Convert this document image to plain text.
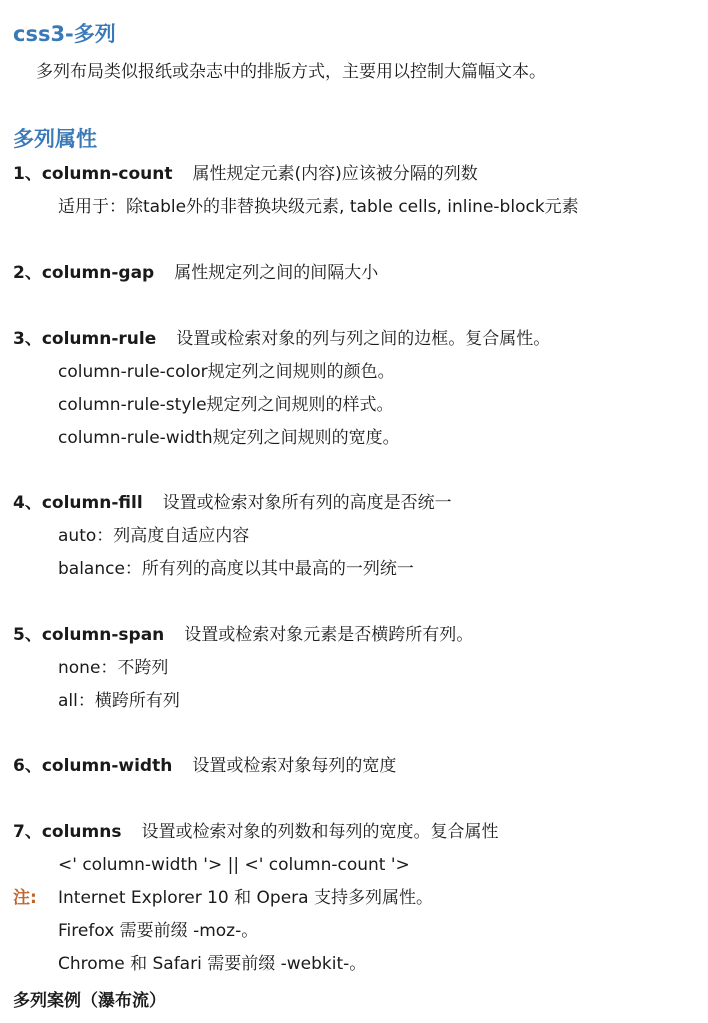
css3-多列
多列布局类似报纸或杂志中的排版方式，主要用以控制大篇幅文本。
多列属性
1、column-count 属性规定元素(内容)应该被分隔的列数
适用于：除table外的非替换块级元素, table cells, inline-block元素
2、column-gap 属性规定列之间的间隔大小
3、column-rule 设置或检索对象的列与列之间的边框。复合属性。
column-rule-color规定列之间规则的颜色。
column-rule-style规定列之间规则的样式。
column-rule-width规定列之间规则的宽度。
4、column-fill 设置或检索对象所有列的高度是否统一
auto：列高度自适应内容
balance：所有列的高度以其中最高的一列统一
5、column-span 设置或检索对象元素是否横跨所有列。
none：不跨列
all：横跨所有列
6、column-width 设置或检索对象每列的宽度
7、columns 设置或检索对象的列数和每列的宽度。复合属性
<' column-width '> || <' column-count '>
注: Internet Explorer 10 和 Opera 支持多列属性。
Firefox 需要前缀 -moz-。
Chrome 和 Safari 需要前缀 -webkit-。
多列案例（瀑布流）
